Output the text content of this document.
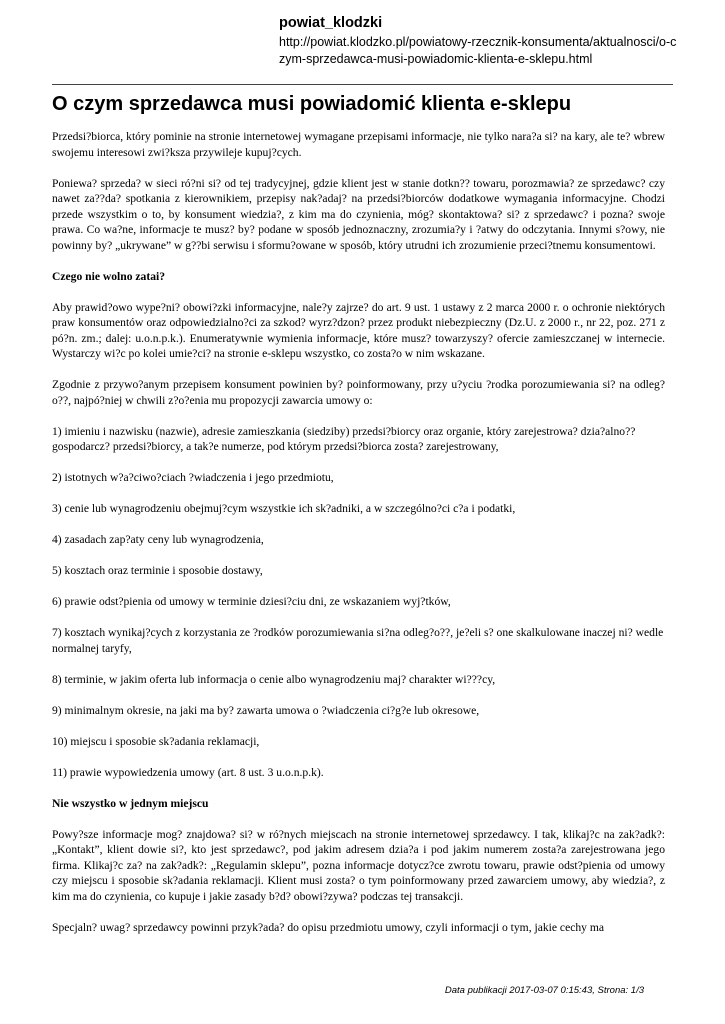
powiat_klodzki
http://powiat.klodzko.pl/powiatowy-rzecznik-konsumenta/aktualnosci/o-czym-sprzedawca-musi-powiadomic-klienta-e-sklepu.html
O czym sprzedawca musi powiadomić klienta e-sklepu

Przedsi?biorca, który pominie na stronie internetowej wymagane przepisami informacje, nie tylko nara?a si? na kary, ale te? wbrew swojemu interesowi zwi?ksza przywileje kupuj?cych.

Poniewa? sprzeda? w sieci ró?ni si? od tej tradycyjnej, gdzie klient jest w stanie dotkn?? towaru, porozmawia? ze sprzedawc? czy nawet za??da? spotkania z kierownikiem, przepisy nak?adaj? na przedsi?biorców dodatkowe wymagania informacyjne. Chodzi przede wszystkim o to, by konsument wiedzia?, z kim ma do czynienia, móg? skontaktowa? si? z sprzedawc? i pozna? swoje prawa. Co wa?ne, informacje te musz? by? podane w sposób jednoznaczny, zrozumia?y i ?atwy do odczytania. Innymi s?owy, nie powinny by? „ukrywane” w g??bi serwisu i sformu?owane w sposób, który utrudni ich zrozumienie przeci?tnemu konsumentowi.

Czego nie wolno zatai?

Aby prawid?owo wype?ni? obowi?zki informacyjne, nale?y zajrze? do art. 9 ust. 1 ustawy z 2 marca 2000 r. o ochronie niektórych praw konsumentów oraz odpowiedzialno?ci za szkod? wyrz?dzon? przez produkt niebezpieczny (Dz.U. z 2000 r., nr 22, poz. 271 z pó?n. zm.; dalej: u.o.n.p.k.). Enumeratywnie wymienia informacje, które musz? towarzyszy? ofercie zamieszczanej w internecie. Wystarczy wi?c po kolei umie?ci? na stronie e-sklepu wszystko, co zosta?o w nim wskazane.

Zgodnie z przywo?anym przepisem konsument powinien by? poinformowany, przy u?yciu ?rodka porozumiewania si? na odleg?o??, najpó?niej w chwili z?o?enia mu propozycji zawarcia umowy o:

1) imieniu i nazwisku (nazwie), adresie zamieszkania (siedziby) przedsi?biorcy oraz organie, który zarejestrowa? dzia?alno?? gospodarcz? przedsi?biorcy, a tak?e numerze, pod którym przedsi?biorca zosta? zarejestrowany,

2) istotnych w?a?ciwo?ciach ?wiadczenia i jego przedmiotu,

3) cenie lub wynagrodzeniu obejmuj?cym wszystkie ich sk?adniki, a w szczególno?ci c?a i podatki,

4) zasadach zap?aty ceny lub wynagrodzenia,

5) kosztach oraz terminie i sposobie dostawy,

6) prawie odst?pienia od umowy w terminie dziesi?ciu dni, ze wskazaniem wyj?tków,

7) kosztach wynikaj?cych z korzystania ze ?rodków porozumiewania si?na odleg?o??, je?eli s? one skalkulowane inaczej ni? wedle normalnej taryfy,

8) terminie, w jakim oferta lub informacja o cenie albo wynagrodzeniu maj? charakter wi???cy,

9) minimalnym okresie, na jaki ma by? zawarta umowa o ?wiadczenia ci?g?e lub okresowe,

10) miejscu i sposobie sk?adania reklamacji,

11) prawie wypowiedzenia umowy (art. 8 ust. 3 u.o.n.p.k).

Nie wszystko w jednym miejscu

Powy?sze informacje mog? znajdowa? si? w ró?nych miejscach na stronie internetowej sprzedawcy. I tak, klikaj?c na zak?adk?: „Kontakt”, klient dowie si?, kto jest sprzedawc?, pod jakim adresem dzia?a i pod jakim numerem zosta?a zarejestrowana jego firma. Klikaj?c za? na zak?adk?: „Regulamin sklepu”, pozna informacje dotycz?ce zwrotu towaru, prawie odst?pienia od umowy czy miejscu i sposobie sk?adania reklamacji. Klient musi zosta? o tym poinformowany przed zawarciem umowy, aby wiedzia?, z kim ma do czynienia, co kupuje i jakie zasady b?d? obowi?zywa? podczas tej transakcji.

Specjaln? uwag? sprzedawcy powinni przyk?ada? do opisu przedmiotu umowy, czyli informacji o tym, jakie cechy ma

Data publikacji 2017-03-07 0:15:43, Strona: 1/3
